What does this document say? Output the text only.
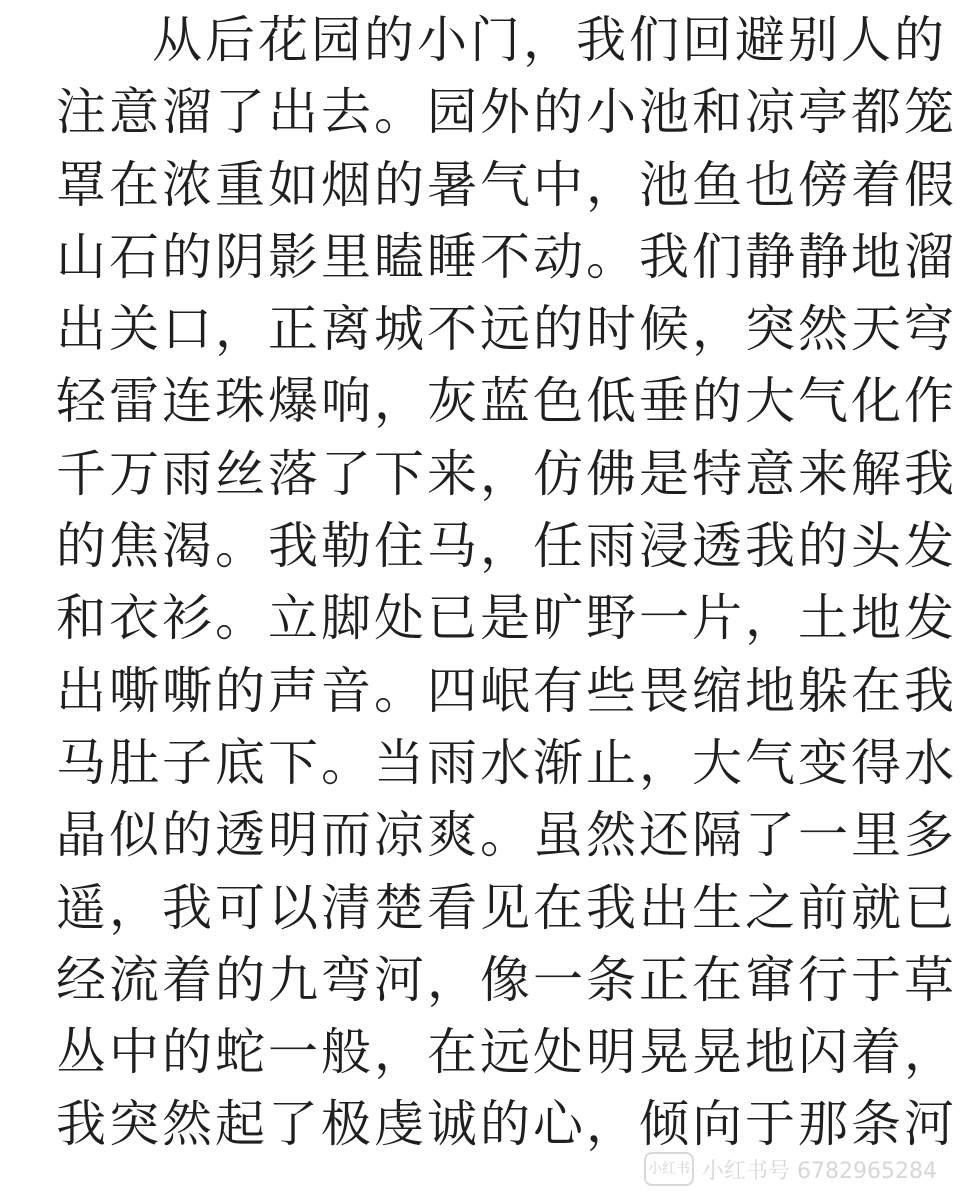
从后花园的小门，我们回避别人的
注意溜了出去。园外的小池和凉亭都笼
罩在浓重如烟的暑气中，池鱼也傍着假
山石的阴影里瞌睡不动。我们静静地溜
出关口，正离城不远的时候，突然天穹
轻雷连珠爆响，灰蓝色低垂的大气化作
千万雨丝落了下来，仿佛是特意来解我
的焦渴。我勒住马，任雨浸透我的头发
和衣衫。立脚处已是旷野一片，土地发
出嘶嘶的声音。四岷有些畏缩地躲在我
马肚子底下。当雨水渐止，大气变得水
晶似的透明而凉爽。虽然还隔了一里多
遥，我可以清楚看见在我出生之前就已
经流着的九弯河，像一条正在窜行于草
丛中的蛇一般，在远处明晃晃地闪着，
我突然起了极虔诚的心，倾向于那条河
小红书 小红书号 6782965284
